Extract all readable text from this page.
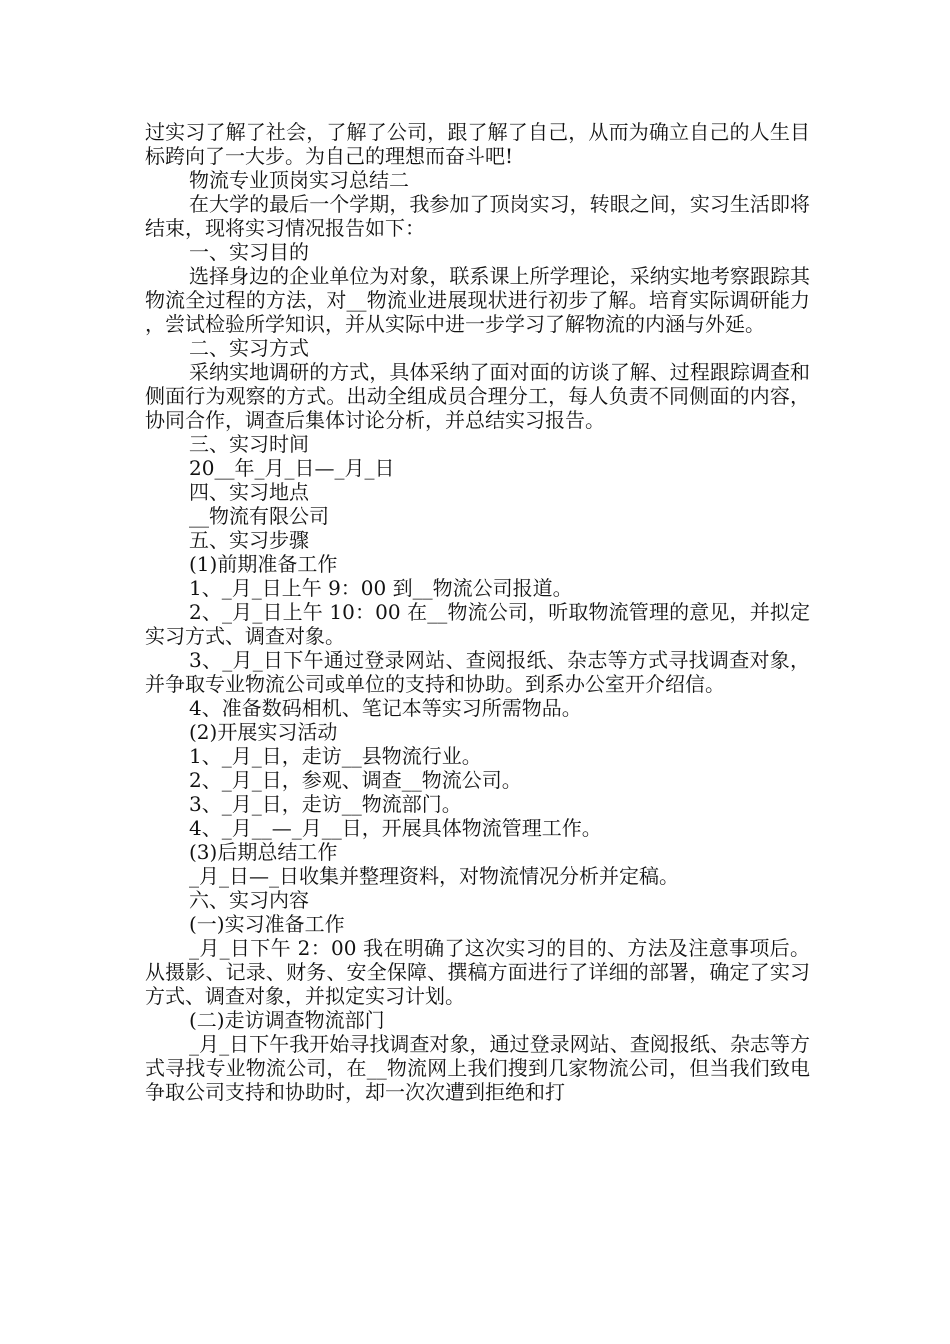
过实习了解了社会，了解了公司，跟了解了自己，从而为确立自己的人生目标跨向了一大步。为自己的理想而奋斗吧!

物流专业顶岗实习总结二

在大学的最后一个学期，我参加了顶岗实习，转眼之间，实习生活即将结束，现将实习情况报告如下：

一、实习目的

选择身边的企业单位为对象，联系课上所学理论，采纳实地考察跟踪其物流全过程的方法，对__物流业进展现状进行初步了解。培育实际调研能力，尝试检验所学知识，并从实际中进一步学习了解物流的内涵与外延。

二、实习方式

采纳实地调研的方式，具体采纳了面对面的访谈了解、过程跟踪调查和侧面行为观察的方式。出动全组成员合理分工，每人负责不同侧面的内容，协同合作，调查后集体讨论分析，并总结实习报告。

三、实习时间

20__年_月_日—_月_日

四、实习地点

__物流有限公司

五、实习步骤

(1)前期准备工作

1、_月_日上午 9：00 到__物流公司报道。

2、_月_日上午 10：00 在__物流公司，听取物流管理的意见，并拟定实习方式、调查对象。

3、_月_日下午通过登录网站、查阅报纸、杂志等方式寻找调查对象，并争取专业物流公司或单位的支持和协助。到系办公室开介绍信。

4、准备数码相机、笔记本等实习所需物品。

(2)开展实习活动

1、_月_日，走访__县物流行业。

2、_月_日，参观、调查__物流公司。

3、_月_日，走访__物流部门。

4、_月__—_月__日，开展具体物流管理工作。

(3)后期总结工作

_月_日—_日收集并整理资料，对物流情况分析并定稿。

六、实习内容

(一)实习准备工作

_月_日下午 2：00 我在明确了这次实习的目的、方法及注意事项后。从摄影、记录、财务、安全保障、撰稿方面进行了详细的部署，确定了实习方式、调查对象，并拟定实习计划。

(二)走访调查物流部门

_月_日下午我开始寻找调查对象，通过登录网站、查阅报纸、杂志等方式寻找专业物流公司，在__物流网上我们搜到几家物流公司，但当我们致电争取公司支持和协助时，却一次次遭到拒绝和打
